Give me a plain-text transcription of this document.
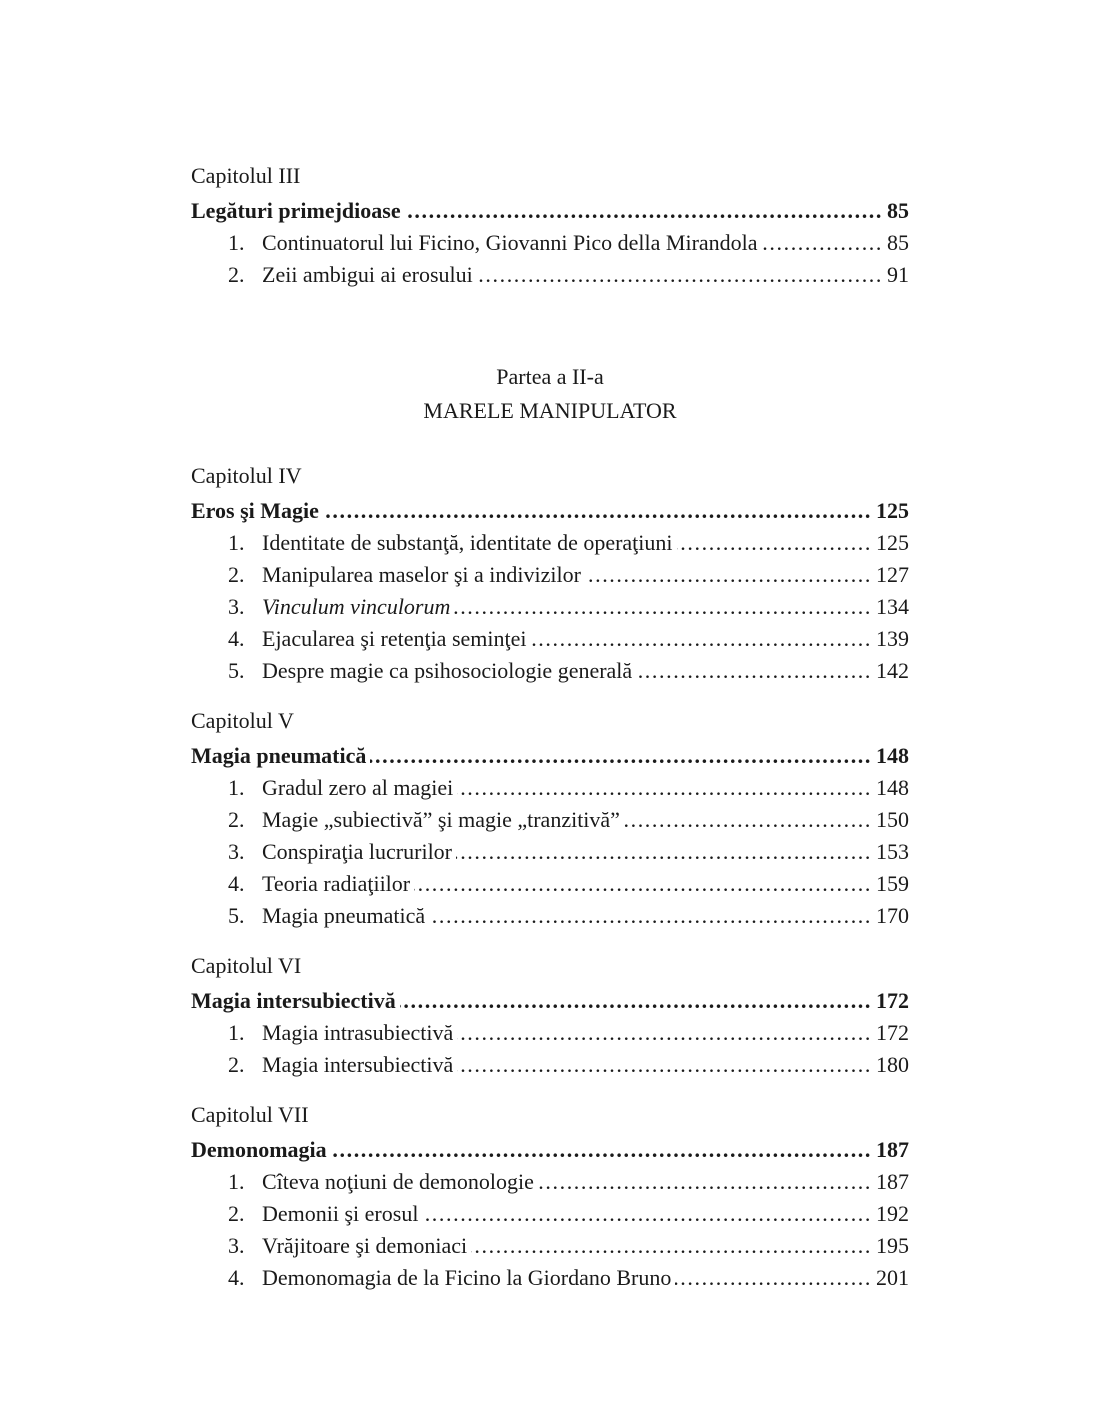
Capitolul III
Legături primejdioase .....	85
1. Continuatorul lui Ficino, Giovanni Pico della Mirandola .....	85
2. Zeii ambigui ai erosului .....	91
Partea a II-a
MARELE MANIPULATOR
Capitolul IV
Eros şi Magie .....	125
1. Identitate de substanţă, identitate de operaţiuni .....	125
2. Manipularea maselor şi a indivizilor .....	127
3. Vinculum vinculorum .....	134
4. Ejacularea şi retenţia seminţei .....	139
5. Despre magie ca psihosociologie generală .....	142
Capitolul V
Magia pneumatică .....	148
1. Gradul zero al magiei .....	148
2. Magie „subiectivă” şi magie „tranzitivă” .....	150
3. Conspiraţia lucrurilor .....	153
4. Teoria radiaţiilor .....	159
5. Magia pneumatică .....	170
Capitolul VI
Magia intersubiectivă .....	172
1. Magia intrasubiectivă .....	172
2. Magia intersubiectivă .....	180
Capitolul VII
Demonomagia .....	187
1. Cîteva noţiuni de demonologie .....	187
2. Demonii şi erosul .....	192
3. Vrăjitoare şi demoniaci .....	195
4. Demonomagia de la Ficino la Giordano Bruno .....	201
